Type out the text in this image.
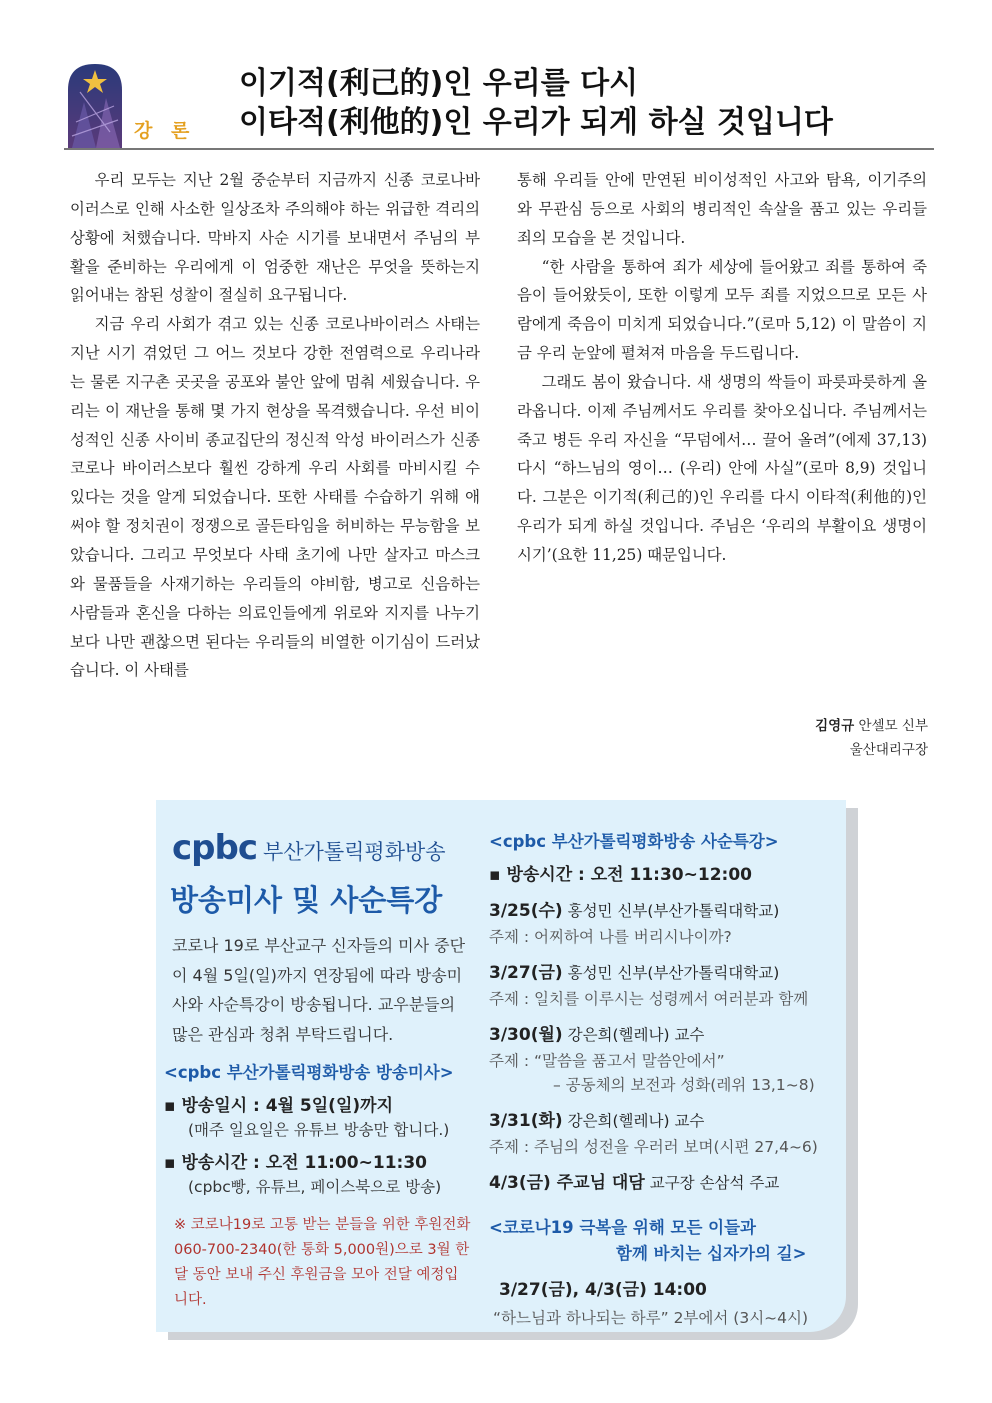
강 론
이기적(利己的)인 우리를 다시
이타적(利他的)인 우리가 되게 하실 것입니다

우리 모두는 지난 2월 중순부터 지금까지 신종 코로나바이러스로 인해 사소한 일상조차 주의해야 하는 위급한 격리의 상황에 처했습니다. 막바지 사순 시기를 보내면서 주님의 부활을 준비하는 우리에게 이 엄중한 재난은 무엇을 뜻하는지 읽어내는 참된 성찰이 절실히 요구됩니다.

지금 우리 사회가 겪고 있는 신종 코로나바이러스 사태는 지난 시기 겪었던 그 어느 것보다 강한 전염력으로 우리나라는 물론 지구촌 곳곳을 공포와 불안 앞에 멈춰 세웠습니다. 우리는 이 재난을 통해 몇 가지 현상을 목격했습니다. 우선 비이성적인 신종 사이비 종교집단의 정신적 악성 바이러스가 신종 코로나 바이러스보다 훨씬 강하게 우리 사회를 마비시킬 수 있다는 것을 알게 되었습니다. 또한 사태를 수습하기 위해 애써야 할 정치권이 정쟁으로 골든타임을 허비하는 무능함을 보았습니다. 그리고 무엇보다 사태 초기에 나만 살자고 마스크와 물품들을 사재기하는 우리들의 야비함, 병고로 신음하는 사람들과 혼신을 다하는 의료인들에게 위로와 지지를 나누기보다 나만 괜찮으면 된다는 우리들의 비열한 이기심이 드러났습니다. 이 사태를

통해 우리들 안에 만연된 비이성적인 사고와 탐욕, 이기주의와 무관심 등으로 사회의 병리적인 속살을 품고 있는 우리들 죄의 모습을 본 것입니다.

“한 사람을 통하여 죄가 세상에 들어왔고 죄를 통하여 죽음이 들어왔듯이, 또한 이렇게 모두 죄를 지었으므로 모든 사람에게 죽음이 미치게 되었습니다.”(로마 5,12) 이 말씀이 지금 우리 눈앞에 펼쳐져 마음을 두드립니다.

그래도 봄이 왔습니다. 새 생명의 싹들이 파릇파릇하게 올라옵니다. 이제 주님께서도 우리를 찾아오십니다. 주님께서는 죽고 병든 우리 자신을 “무덤에서… 끌어 올려”(에제 37,13) 다시 “하느님의 영이… (우리) 안에 사실”(로마 8,9) 것입니다. 그분은 이기적(利己的)인 우리를 다시 이타적(利他的)인 우리가 되게 하실 것입니다. 주님은 ‘우리의 부활이요 생명이시기’(요한 11,25) 때문입니다.

김영규 안셀모 신부
울산대리구장
cpbc 부산가톨릭평화방송
방송미사 및 사순특강
코로나 19로 부산교구 신자들의 미사 중단이 4월 5일(일)까지 연장됨에 따라 방송미사와 사순특강이 방송됩니다. 교우분들의 많은 관심과 청취 부탁드립니다.
<cpbc 부산가톨릭평화방송 방송미사>
▪ 방송일시 : 4월 5일(일)까지
(매주 일요일은 유튜브 방송만 합니다.)
▪ 방송시간 : 오전 11:00~11:30
(cpbc빵, 유튜브, 페이스북으로 방송)
※ 코로나19로 고통 받는 분들을 위한 후원전화 060-700-2340(한 통화 5,000원)으로 3월 한 달 동안 보내 주신 후원금을 모아 전달 예정입니다.
<cpbc 부산가톨릭평화방송 사순특강>
▪ 방송시간 : 오전 11:30~12:00
3/25(수) 홍성민 신부(부산가톨릭대학교)
주제 : 어찌하여 나를 버리시나이까?
3/27(금) 홍성민 신부(부산가톨릭대학교)
주제 : 일치를 이루시는 성령께서 여러분과 함께
3/30(월) 강은희(헬레나) 교수
주제 : “말씀을 품고서 말씀안에서”
– 공동체의 보전과 성화(레위 13,1~8)
3/31(화) 강은희(헬레나) 교수
주제 : 주님의 성전을 우러러 보며(시편 27,4~6)
4/3(금) 주교님 대담 교구장 손삼석 주교
<코로나19 극복을 위해 모든 이들과
함께 바치는 십자가의 길>
3/27(금), 4/3(금) 14:00
“하느님과 하나되는 하루” 2부에서 (3시~4시)
